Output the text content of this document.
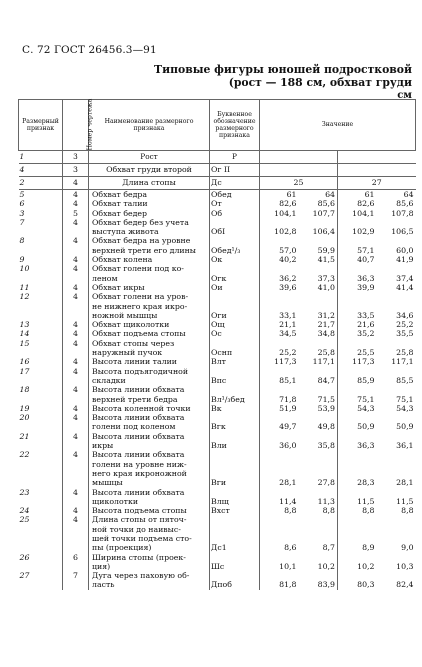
С. 72 ГОСТ 26456.3—91
Типовые фигуры юношей подростковой
(рост — 188 см, обхват груди
см
Размерный признак	Номер чертежа	Наименование размерного признака	Буквенное обозначение размерного признака	Значение			
1	3	Рост	Р				
4	3	Обхват груди второй	Ог II				
2	4	Длина стопы	Дс	25		27	
5	4	Обхват бедра	Обед	61	64	61	64
6	4	Обхват талии	От	82,6	85,6	82,6	85,6
3	5	Обхват бедер	Об	104,1	107,7	104,1	107,8
7	4	Обхват бедер без учета
выступа живота	ОбI	102,8	106,4	102,9	106,5
8	4	Обхват бедра на уровне
верхней трети его длины	Обед¹/₃	57,0	59,9	57,1	60,0
9	4	Обхват колена	Ок	40,2	41,5	40,7	41,9
10	4	Обхват голени под ко-
леном	Огк	36,2	37,3	36,3	37,4
11	4	Обхват икры	Ои	39,6	41,0	39,9	41,4
12	4	Обхват голени на уров-
не нижнего края икро-
ножной мышцы	Оги	33,1	31,2	33,5	34,6
13	4	Обхват щиколотки	Ощ	21,1	21,7	21,6	25,2
14	4	Обхват подъема стопы	Ос	34,5	34,8	35,2	35,5
15	4	Обхват стопы через
наружный пучок	Оснп	25,2	25,8	25,5	25,8
16	4	Высота линии талии	Влт	117,3	117,1	117,3	117,1
17	4	Высота подъягодичной
складки	Впс	85,1	84,7	85,9	85,5
18	4	Высота линии обхвата
верхней трети бедра	Вл¹/₃бед	71,8	71,5	75,1	75,1
19	4	Высота коленной точки	Вк	51,9	53,9	54,3	54,3
20	4	Высота линии обхвата
голени под коленом	Вгк	49,7	49,8	50,9	50,9
21	4	Высота линии обхвата
икры	Вли	36,0	35,8	36,3	36,1
22	4	Высота линии обхвата
голени на уровне ниж-
него края икроножной
мышцы	Вги	28,1	27,8	28,3	28,1
23	4	Высота линии обхвата
щиколотки	Влщ	11,4	11,3	11,5	11,5
24	4	Высота подъема стопы	Вхст	8,8	8,8	8,8	8,8
25	4	Длина стопы от пяточ-
ной точки до наивыс-
шей точки подъема сто-
пы (проекция)	Дс1	8,6	8,7	8,9	9,0
26	6	Ширина стопы (проек-
ция)	Шс	10,1	10,2	10,2	10,3
27	7	Дуга через паховую об-
ласть	Дпоб	81,8	83,9	80,3	82,4
